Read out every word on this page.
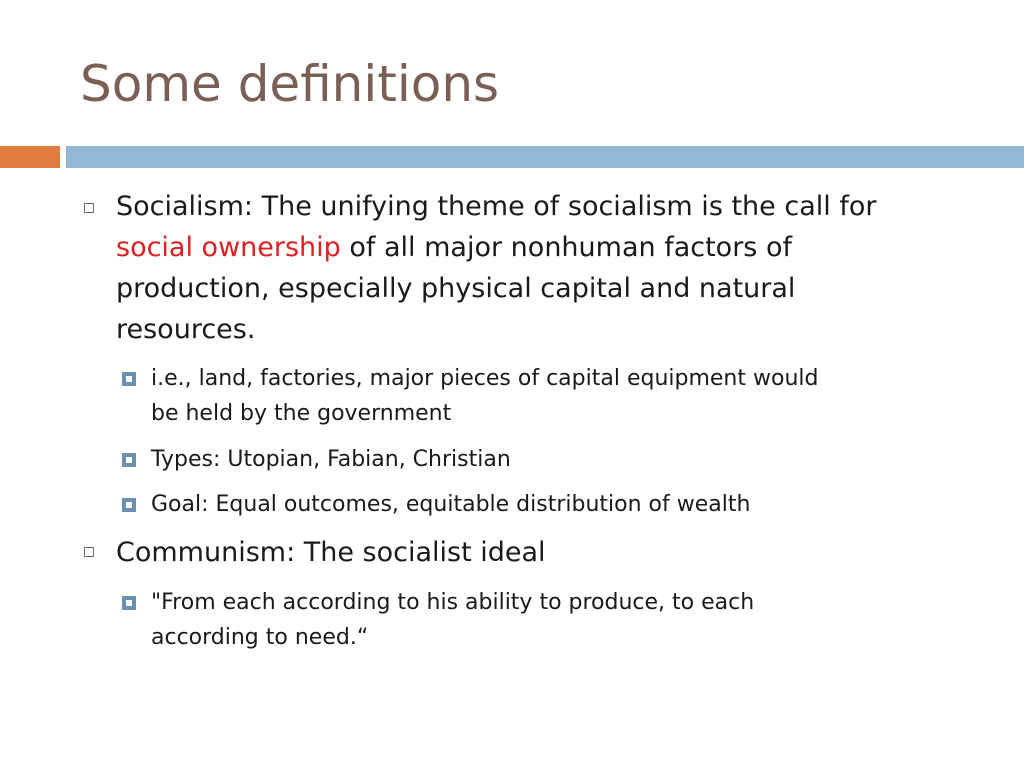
Some definitions
Socialism: The unifying theme of socialism is the call for
social ownership of all major nonhuman factors of
production, especially physical capital and natural
resources.
i.e., land, factories, major pieces of capital equipment would
be held by the government
Types: Utopian, Fabian, Christian
Goal: Equal outcomes, equitable distribution of wealth
Communism: The socialist ideal
"From each according to his ability to produce, to each
according to need.“
